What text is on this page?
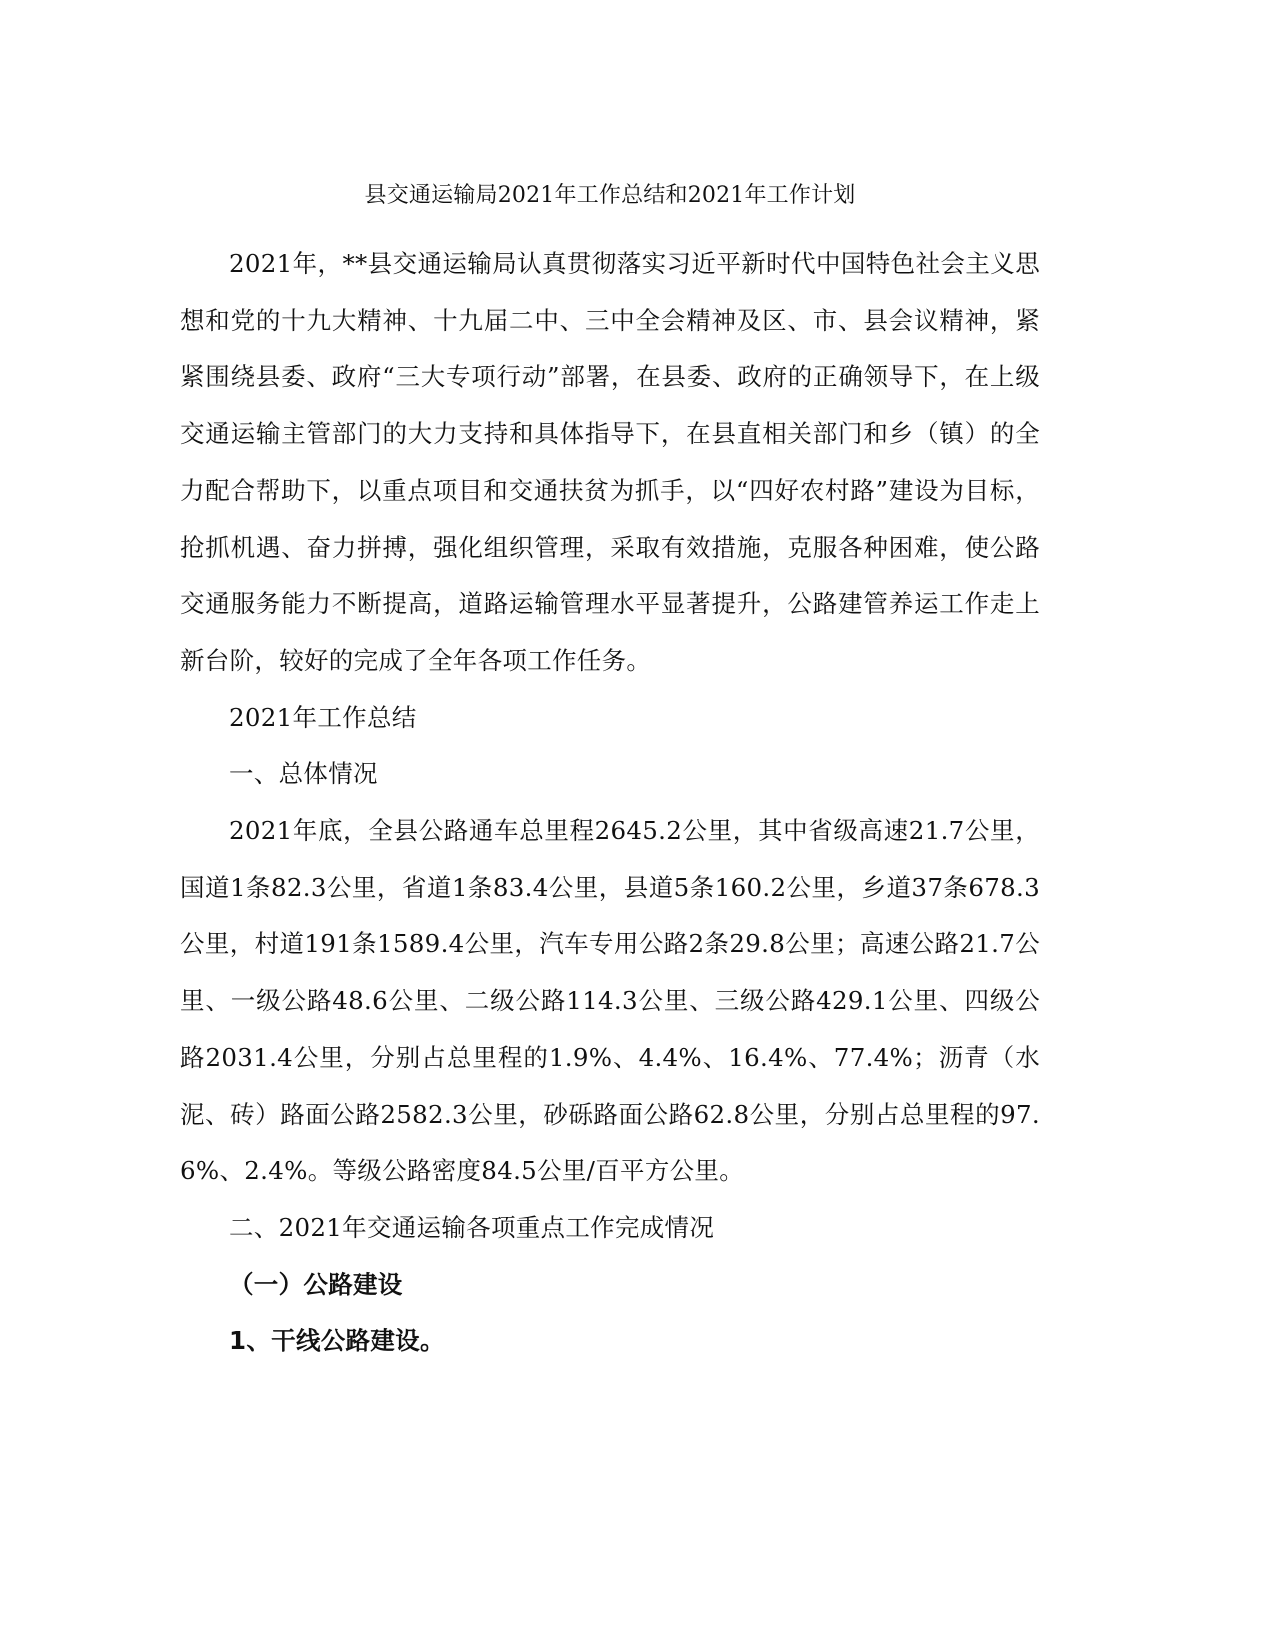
县交通运输局2021年工作总结和2021年工作计划

2021年，**县交通运输局认真贯彻落实习近平新时代中国特色社会主义思想和党的十九大精神、十九届二中、三中全会精神及区、市、县会议精神，紧紧围绕县委、政府“三大专项行动”部署，在县委、政府的正确领导下，在上级交通运输主管部门的大力支持和具体指导下，在县直相关部门和乡（镇）的全力配合帮助下，以重点项目和交通扶贫为抓手，以“四好农村路”建设为目标，抢抓机遇、奋力拼搏，强化组织管理，采取有效措施，克服各种困难，使公路交通服务能力不断提高，道路运输管理水平显著提升，公路建管养运工作走上新台阶，较好的完成了全年各项工作任务。

2021年工作总结

一、总体情况

2021年底，全县公路通车总里程2645.2公里，其中省级高速21.7公里，国道1条82.3公里，省道1条83.4公里，县道5条160.2公里，乡道37条678.3公里，村道191条1589.4公里，汽车专用公路2条29.8公里；高速公路21.7公里、一级公路48.6公里、二级公路114.3公里、三级公路429.1公里、四级公路2031.4公里，分别占总里程的1.9%、4.4%、16.4%、77.4%；沥青（水泥、砖）路面公路2582.3公里，砂砾路面公路62.8公里，分别占总里程的97.6%、2.4%。等级公路密度84.5公里/百平方公里。

二、2021年交通运输各项重点工作完成情况

（一）公路建设

1、干线公路建设。
